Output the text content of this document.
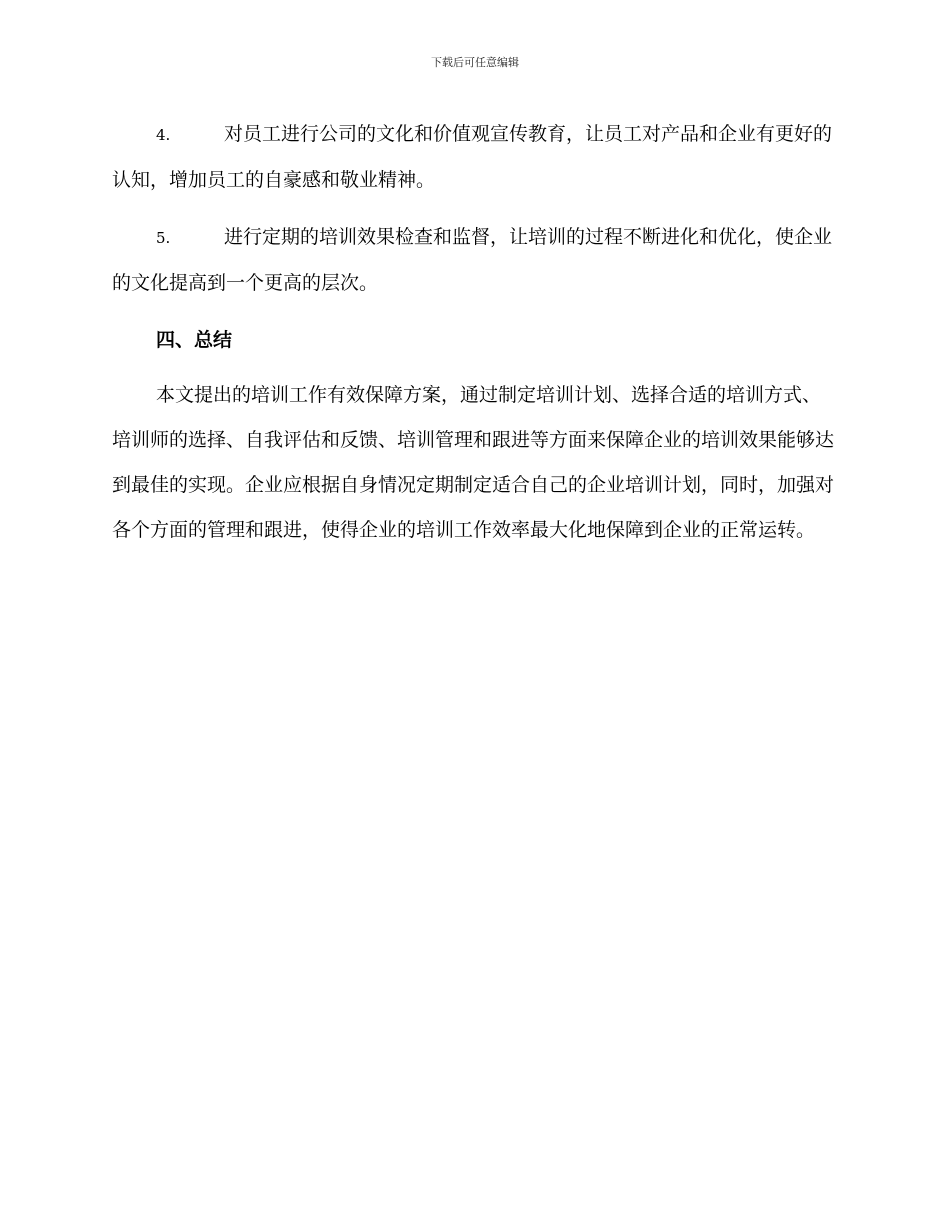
下载后可任意编辑

4.	对员工进行公司的文化和价值观宣传教育，让员工对产品和企业有更好的认知，增加员工的自豪感和敬业精神。

5.	进行定期的培训效果检查和监督，让培训的过程不断进化和优化，使企业的文化提高到一个更高的层次。

四、总结

本文提出的培训工作有效保障方案，通过制定培训计划、选择合适的培训方式、培训师的选择、自我评估和反馈、培训管理和跟进等方面来保障企业的培训效果能够达到最佳的实现。企业应根据自身情况定期制定适合自己的企业培训计划，同时，加强对各个方面的管理和跟进，使得企业的培训工作效率最大化地保障到企业的正常运转。
